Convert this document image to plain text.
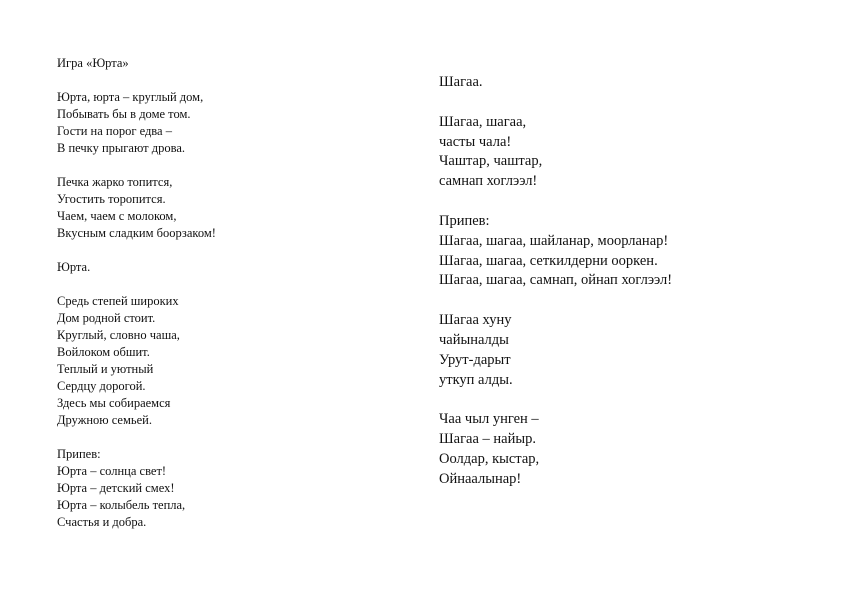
Игра «Юрта»
Юрта, юрта – круглый дом,
Побывать бы в доме том.
Гости на порог едва –
В печку прыгают дрова.
Печка жарко топится,
Угостить торопится.
Чаем, чаем с молоком,
Вкусным сладким боорзаком!
Юрта.
Средь степей широких
Дом родной стоит.
Круглый, словно чаша,
Войлоком обшит.
Теплый и уютный
Сердцу дорогой.
Здесь мы собираемся
Дружною семьей.
Припев:
Юрта – солнца свет!
Юрта – детский смех!
Юрта – колыбель тепла,
Счастья и добра.
Шагаа.
Шагаа, шагаа,
часты чала!
Чаштар, чаштар,
самнап хоглээл!
Припев:
Шагаа, шагаа, шайланар, моорланар!
Шагаа, шагаа, сеткилдерни ооркен.
Шагаа, шагаа, самнап, ойнап хоглээл!
Шагаа хуну
чайыналды
Урут-дарыт
уткуп алды.
Чаа чыл унген –
Шагаа – найыр.
Оолдар, кыстар,
Ойнаалынар!
